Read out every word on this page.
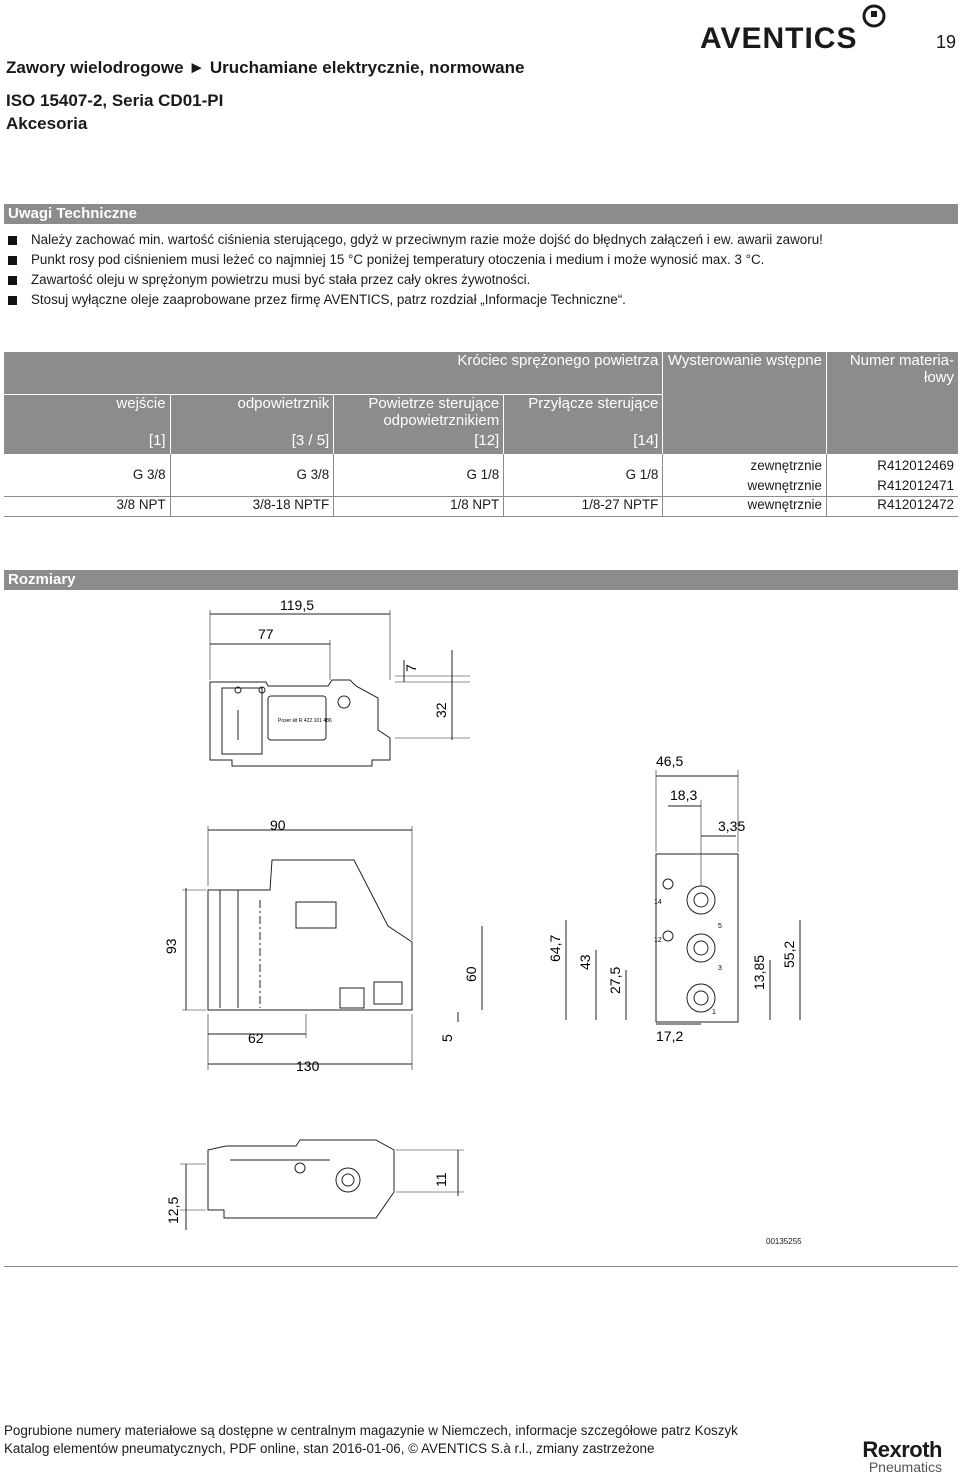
Zawory wielodrogowe ► Uruchamiane elektrycznie, normowane
ISO 15407-2, Seria CD01-PI
Akcesoria
19
AVENTICS
Uwagi Techniczne
Należy zachować min. wartość ciśnienia sterującego, gdyż w przeciwnym razie może dojść do błędnych załączeń i ew. awarii zaworu!
Punkt rosy pod ciśnieniem musi leżeć co najmniej 15 °C poniżej temperatury otoczenia i medium i może wynosić max. 3 °C.
Zawartość oleju w sprężonym powietrzu musi być stała przez cały okres żywotności.
Stosuj wyłączne oleje zaaprobowane przez firmę AVENTICS, patrz rozdział „Informacje Techniczne“.
Króciec sprężonego powietrza				Wysterowanie wstępne	Numer materia- łowy
wejście	odpowietrznik	Powietrze sterujące odpowietrznikiem	Przyłącze sterujące		
[1]	[3 / 5]	[12]	[14]		
G 3/8	G 3/8	G 1/8	G 1/8	zewnętrznie	R412012469
				wewnętrznie	R412012471
3/8 NPT	3/8-18 NPTF	1/8 NPT	1/8-27 NPTF	wewnętrznie	R412012472
Rozmiary
119,5
77
7
32
Poser kit R 422 101 486
46,5
18,3
3,35
90
93
60
64,7
43
27,5	13,85
55,2
62	5	17,2
130
14
5
12
3
1
11
12,5
00135255
Pogrubione numery materiałowe są dostępne w centralnym magazynie w Niemczech, informacje szczegółowe patrz Koszyk
Katalog elementów pneumatycznych, PDF online, stan 2016-01-06, © AVENTICS S.à r.l., zmiany zastrzeżone	Rexroth
Pneumatics
